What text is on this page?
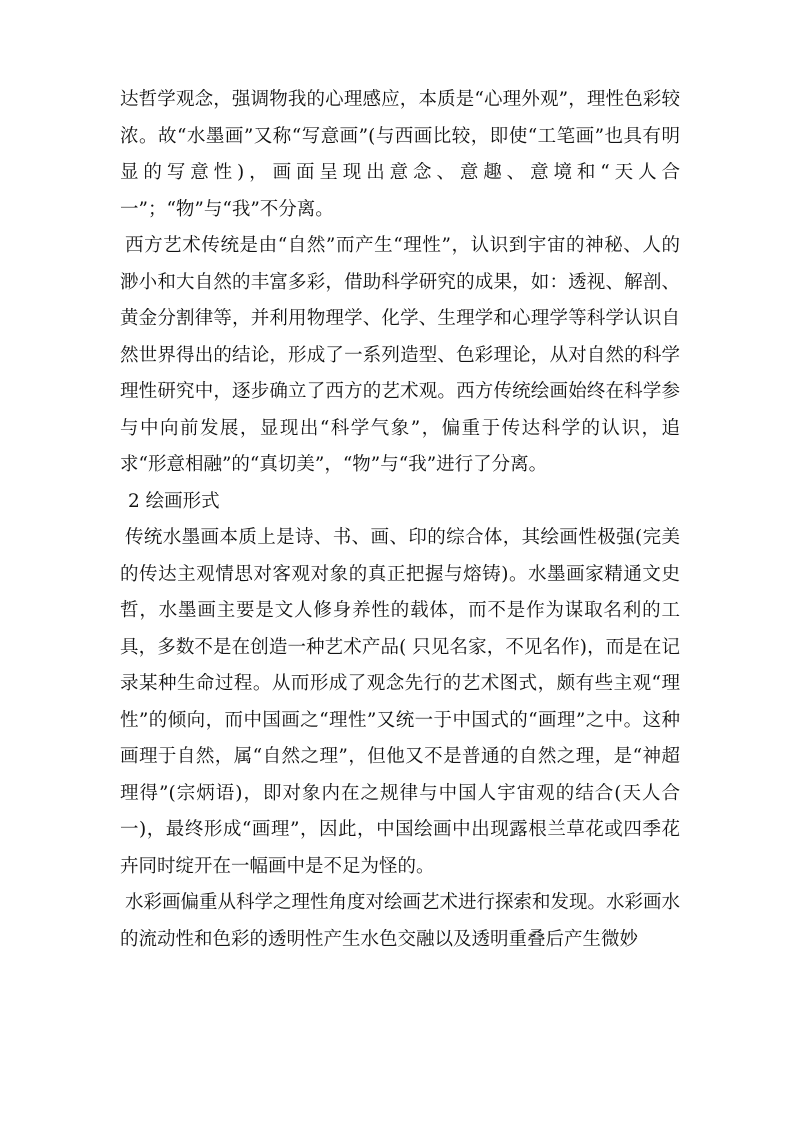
达哲学观念，强调物我的心理感应，本质是“心理外观”，理性色彩较浓。故“水墨画”又称“写意画”(与西画比较，即使“工笔画”也具有明显的写意性)，画面呈现出意念、意趣、意境和“天人合一”；“物”与“我”不分离。

西方艺术传统是由“自然”而产生“理性”，认识到宇宙的神秘、人的渺小和大自然的丰富多彩，借助科学研究的成果，如：透视、解剖、黄金分割律等，并利用物理学、化学、生理学和心理学等科学认识自然世界得出的结论，形成了一系列造型、色彩理论，从对自然的科学理性研究中，逐步确立了西方的艺术观。西方传统绘画始终在科学参与中向前发展，显现出“科学气象”，偏重于传达科学的认识，追求“形意相融”的“真切美”，“物”与“我”进行了分离。

2 绘画形式

传统水墨画本质上是诗、书、画、印的综合体，其绘画性极强(完美的传达主观情思对客观对象的真正把握与熔铸)。水墨画家精通文史哲，水墨画主要是文人修身养性的载体，而不是作为谋取名利的工具，多数不是在创造一种艺术产品( 只见名家，不见名作)，而是在记录某种生命过程。从而形成了观念先行的艺术图式，颇有些主观“理性”的倾向，而中国画之“理性”又统一于中国式的“画理”之中。这种画理于自然，属“自然之理”，但他又不是普通的自然之理，是“神超理得”(宗炳语)，即对象内在之规律与中国人宇宙观的结合(天人合一)，最终形成“画理”，因此，中国绘画中出现露根兰草花或四季花卉同时绽开在一幅画中是不足为怪的。

水彩画偏重从科学之理性角度对绘画艺术进行探索和发现。水彩画水的流动性和色彩的透明性产生水色交融以及透明重叠后产生微妙
